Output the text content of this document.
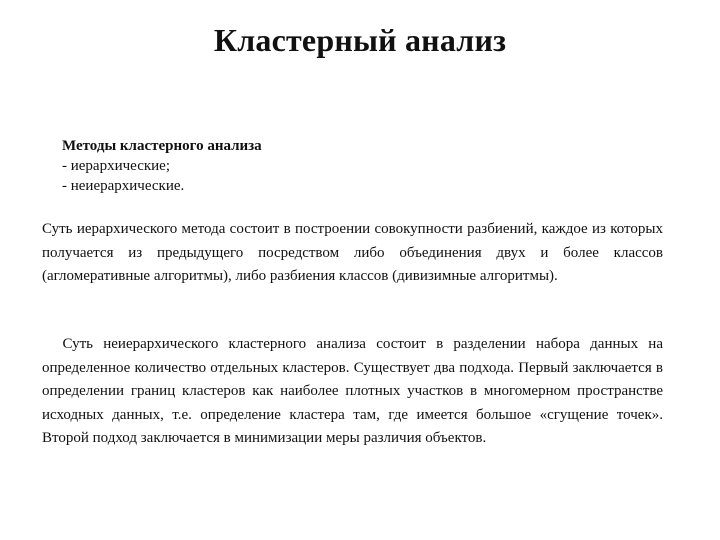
Кластерный анализ
Методы кластерного анализа
- иерархические;
- неиерархические.
Суть иерархического метода состоит в построении совокупности разбиений, каждое из которых получается из предыдущего посредством либо объединения двух и более классов (агломеративные алгоритмы), либо разбиения классов (дивизимные алгоритмы).
Суть неиерархического кластерного анализа состоит в разделении набора данных на определенное количество отдельных кластеров. Существует два подхода. Первый заключается в определении границ кластеров как наиболее плотных участков в многомерном пространстве исходных данных, т.е. определение кластера там, где имеется большое «сгущение точек». Второй подход заключается в минимизации меры различия объектов.
